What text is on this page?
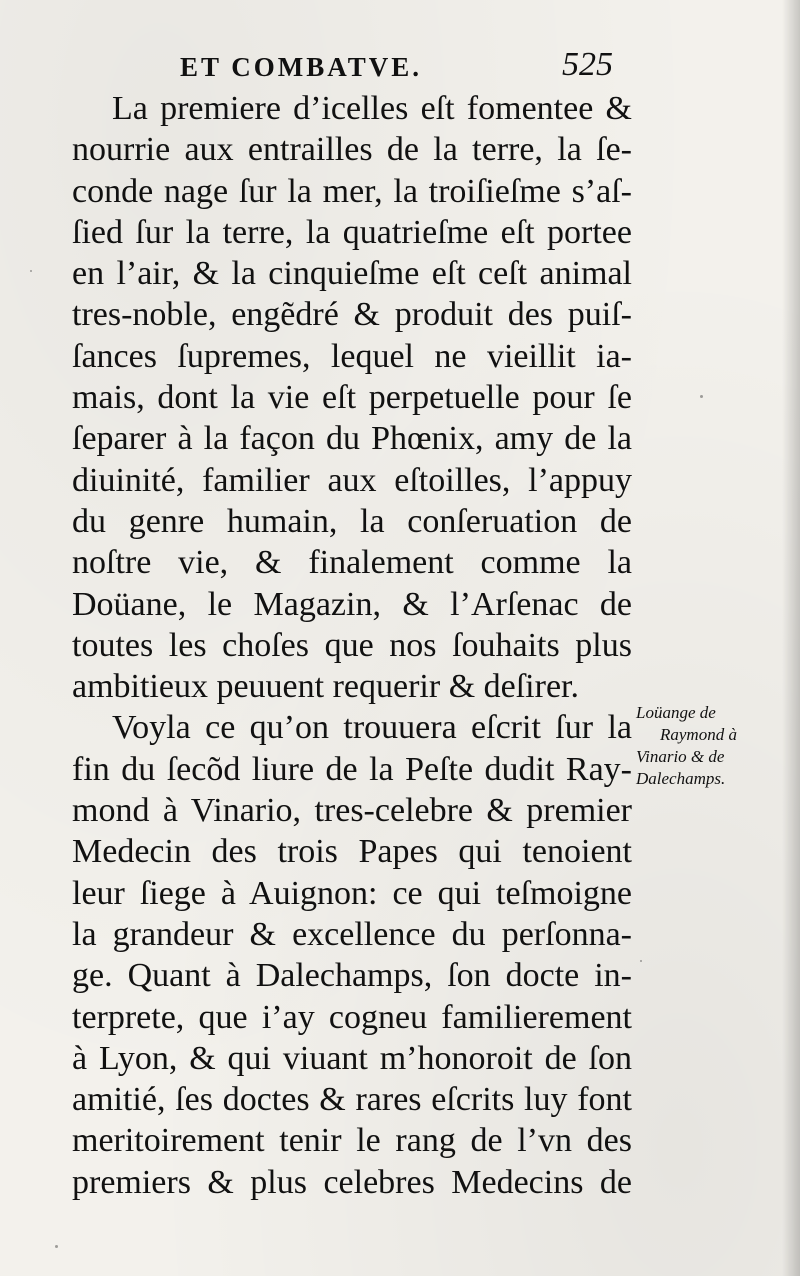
ET COMBATVE.	525
La premiere d’icelles eſt fomentee &
nourrie aux entrailles de la terre, la ſe-
conde nage ſur la mer, la troiſieſme s’aſ-
ſied ſur la terre, la quatrieſme eſt portee
en l’air, & la cinquieſme eſt ceſt animal
tres-noble, engẽdré & produit des puiſ-
ſances ſupremes, lequel ne vieillit ia-
mais, dont la vie eſt perpetuelle pour ſe
ſeparer à la façon du Phœnix, amy de la
diuinité, familier aux eſtoilles, l’appuy
du genre humain, la conſeruation de
noſtre vie, & finalement comme la
Doüane, le Magazin, & l’Arſenac de
toutes les choſes que nos ſouhaits plus
ambitieux peuuent requerir & deſirer.
Voyla ce qu’on trouuera eſcrit ſur la
fin du ſecõd liure de la Peſte dudit Ray-
mond à Vinario, tres-celebre & premier
Medecin des trois Papes qui tenoient
leur ſiege à Auignon: ce qui teſmoigne
la grandeur & excellence du perſonna-
ge. Quant à Dalechamps, ſon docte in-
terprete, que i’ay cogneu familierement
à Lyon, & qui viuant m’honoroit de ſon
amitié, ſes doctes & rares eſcrits luy font
meritoirement tenir le rang de l’vn des
premiers & plus celebres Medecins de
Loüange de
Raymond à
Vinario & de
Dalechamps.
